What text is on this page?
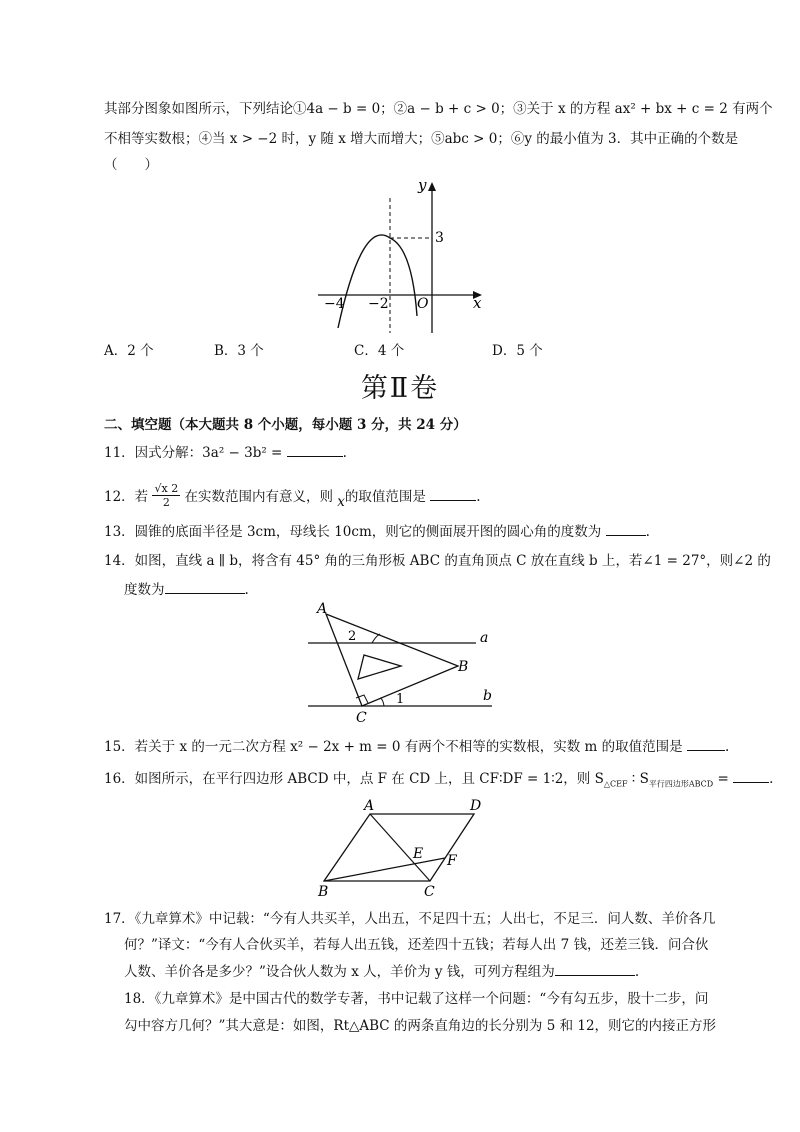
其部分图象如图所示，下列结论①4a − b = 0；②a − b + c > 0；③关于 x 的方程 ax² + bx + c = 2 有两个
不相等实数根；④当 x > −2 时，y 随 x 增大而增大；⑤abc > 0；⑥y 的最小值为 3．其中正确的个数是
（　　）
y
x
O
3
−4 −2
A．2 个	B．3 个	C．4 个	D．5 个
第Ⅱ卷
二、填空题（本大题共 8 个小题，每小题 3 分，共 24 分）
11．因式分解：3a² − 3b² =	.
12．若 $\frac{√x 2}{2}$ 在实数范围内有意义，则 x的取值范围是	.
13．圆锥的底面半径是 3cm，母线长 10cm，则它的侧面展开图的圆心角的度数为	.
14．如图，直线 a ∥ b，将含有 45° 角的三角形板 ABC 的直角顶点 C 放在直线 b 上，若∠1 = 27°，则∠2 的
度数为	.
A
B
C
a
b
1
2
15．若关于 x 的一元二次方程 x² − 2x + m = 0 有两个不相等的实数根，实数 m 的取值范围是	.
16．如图所示，在平行四边形 ABCD 中，点 F 在 CD 上，且 CF∶DF = 1∶2，则 $S_{\triangle CEF}$ ∶ $S_{平行四边形ABCD}$ =	.
A	D
B	C
E F
17．《九章算术》中记载：“今有人共买羊，人出五，不足四十五；人出七，不足三．问人数、羊价各几
何？”译文：“今有人合伙买羊，若每人出五钱，还差四十五钱；若每人出 7 钱，还差三钱．问合伙
人数、羊价各是多少？”设合伙人数为 x 人，羊价为 y 钱，可列方程组为	.
18．《九章算术》是中国古代的数学专著，书中记载了这样一个问题：“今有勾五步，股十二步，问
勾中容方几何？”其大意是：如图，Rt△ABC 的两条直角边的长分别为 5 和 12，则它的内接正方形
